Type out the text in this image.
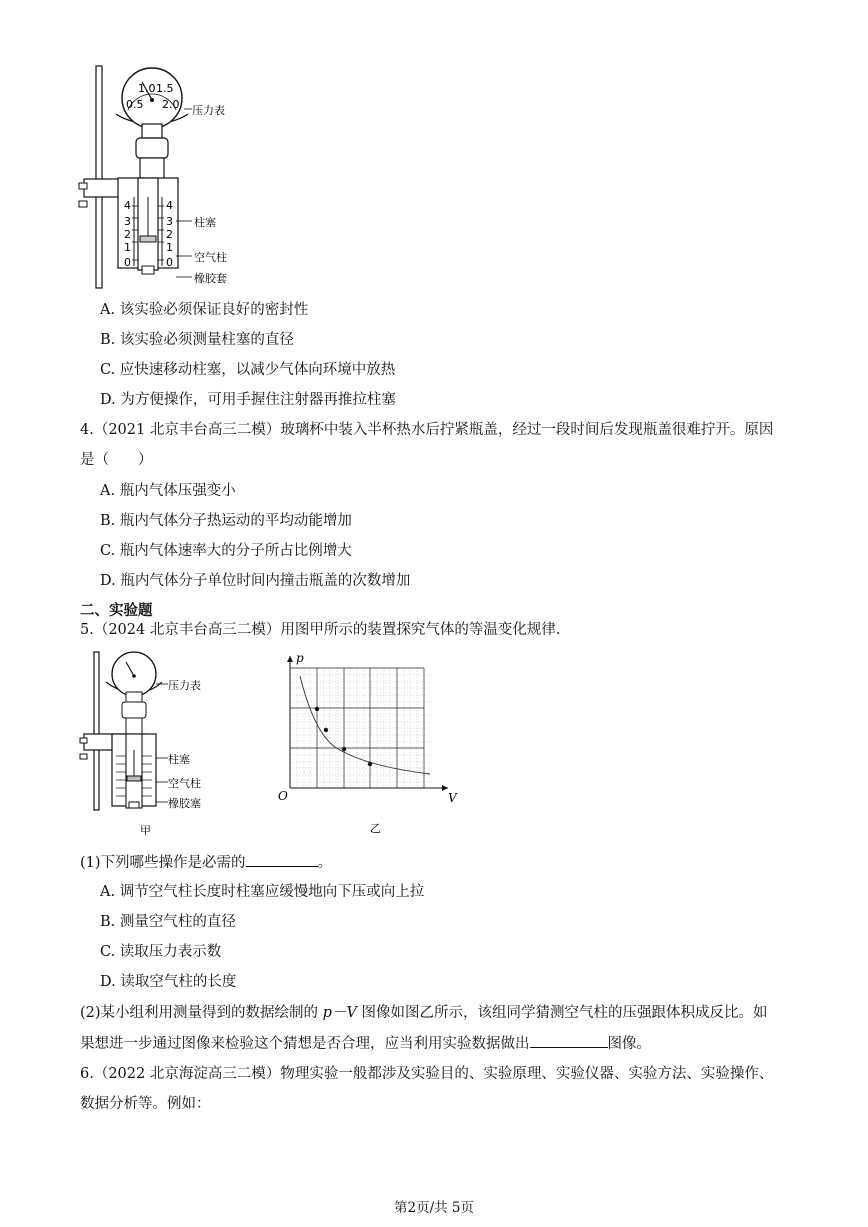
0.5
1.0 1.5
2.0
4
3
2
1
0
4
3
2
1
0
压力表
柱塞
空气柱
橡胶套
A. 该实验必须保证良好的密封性
B. 该实验必须测量柱塞的直径
C. 应快速移动柱塞，以减少气体向环境中放热
D. 为方便操作，可用手握住注射器再推拉柱塞
4.（2021 北京丰台高三二模）玻璃杯中装入半杯热水后拧紧瓶盖，经过一段时间后发现瓶盖很难拧开。原因
是（　　）
A. 瓶内气体压强变小
B. 瓶内气体分子热运动的平均动能增加
C. 瓶内气体速率大的分子所占比例增大
D. 瓶内气体分子单位时间内撞击瓶盖的次数增加
二、实验题
5.（2024 北京丰台高三二模）用图甲所示的装置探究气体的等温变化规律.
压力表
柱塞
空气柱
橡胶塞
甲
p
V
O
乙
(1)下列哪些操作是必需的	。
A. 调节空气柱长度时柱塞应缓慢地向下压或向上拉
B. 测量空气柱的直径
C. 读取压力表示数
D. 读取空气柱的长度
(2)某小组利用测量得到的数据绘制的 p－V 图像如图乙所示，该组同学猜测空气柱的压强跟体积成反比。如
果想进一步通过图像来检验这个猜想是否合理，应当利用实验数据做出	图像。
6.（2022 北京海淀高三二模）物理实验一般都涉及实验目的、实验原理、实验仪器、实验方法、实验操作、
数据分析等。例如：
第2页/共 5页
